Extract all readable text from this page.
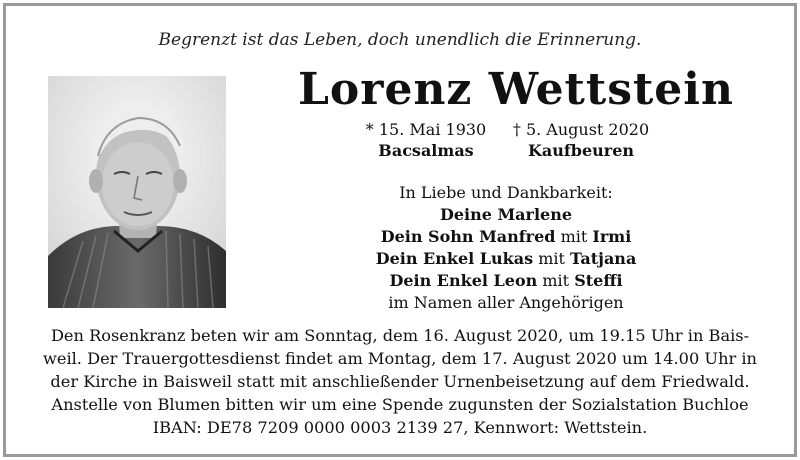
Begrenzt ist das Leben, doch unendlich die Erinnerung.
Lorenz Wettstein
* 15. Mai 1930
Bacsalmas
† 5. August 2020
Kaufbeuren
In Liebe und Dankbarkeit:
Deine Marlene
Dein Sohn Manfred mit Irmi
Dein Enkel Lukas mit Tatjana
Dein Enkel Leon mit Steffi
im Namen aller Angehörigen
Den Rosenkranz beten wir am Sonntag, dem 16. August 2020, um 19.15 Uhr in Bais-
weil. Der Trauergottesdienst findet am Montag, dem 17. August 2020 um 14.00 Uhr in
der Kirche in Baisweil statt mit anschließender Urnenbeisetzung auf dem Friedwald.
Anstelle von Blumen bitten wir um eine Spende zugunsten der Sozialstation Buchloe
IBAN: DE78 7209 0000 0003 2139 27, Kennwort: Wettstein.
